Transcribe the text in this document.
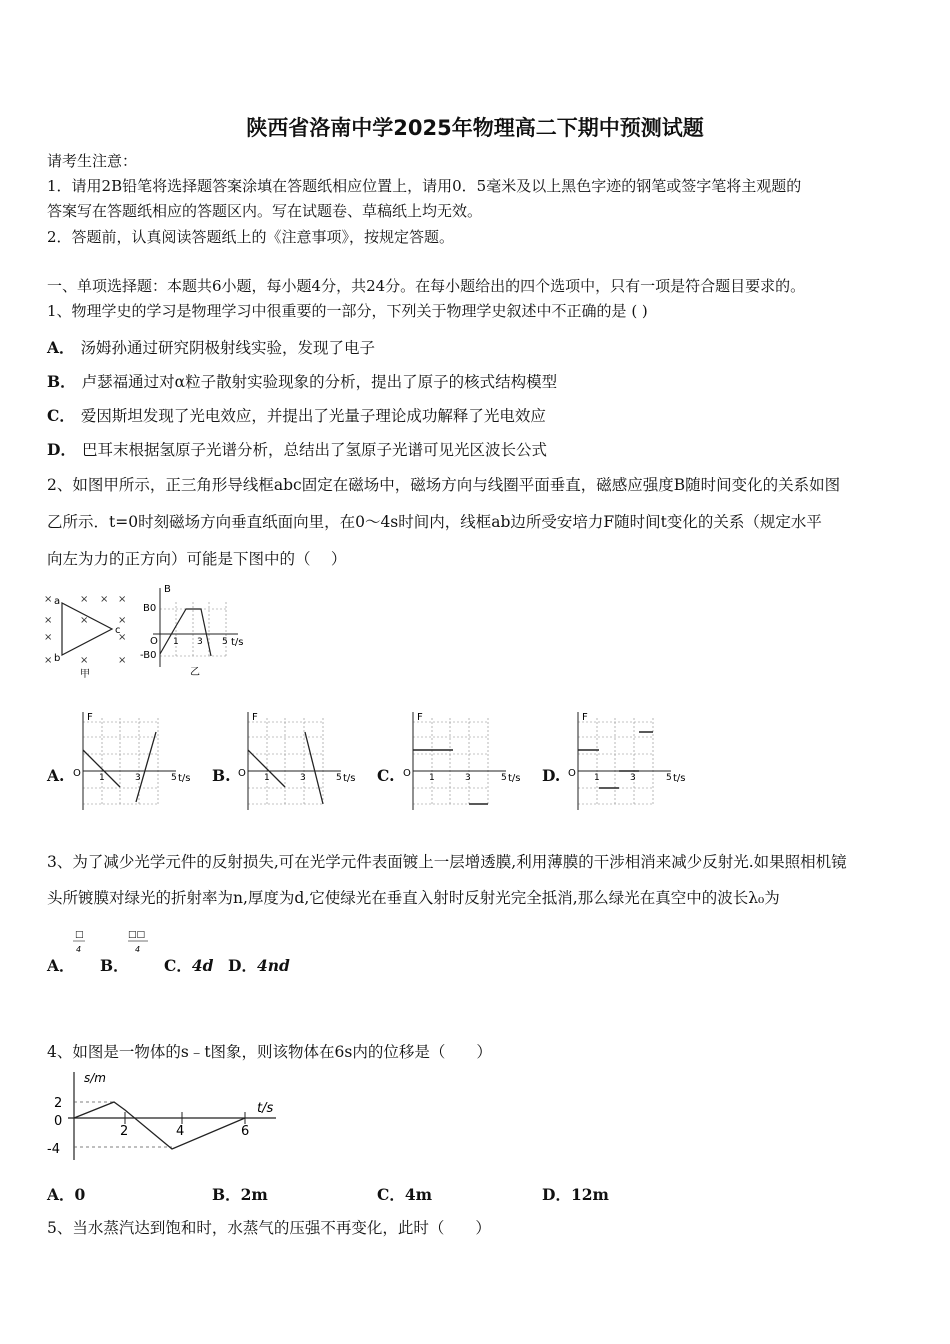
陕西省洛南中学2025年物理高二下期中预测试题
请考生注意：
1．请用2B铅笔将选择题答案涂填在答题纸相应位置上，请用0．5毫米及以上黑色字迹的钢笔或签字笔将主观题的
答案写在答题纸相应的答题区内。写在试题卷、草稿纸上均无效。
2．答题前，认真阅读答题纸上的《注意事项》，按规定答题。
一、单项选择题：本题共6小题，每小题4分，共24分。在每小题给出的四个选项中，只有一项是符合题目要求的。
1、物理学史的学习是物理学习中很重要的一部分，下列关于物理学史叙述中不正确的是 ( )
A． 汤姆孙通过研究阴极射线实验，发现了电子
B． 卢瑟福通过对α粒子散射实验现象的分析，提出了原子的核式结构模型
C． 爱因斯坦发现了光电效应，并提出了光量子理论成功解释了光电效应
D． 巴耳末根据氢原子光谱分析，总结出了氢原子光谱可见光区波长公式
2、如图甲所示，正三角形导线框abc固定在磁场中，磁场方向与线圈平面垂直，磁感应强度B随时间变化的关系如图
乙所示．t=0时刻磁场方向垂直纸面向里，在0～4s时间内，线框ab边所受安培力F随时间t变化的关系（规定水平
向左为力的正方向）可能是下图中的（　 ）
×	× × ×
×	×	×
×	×
×	×	×
a
b
c
甲
B
B0
-B0
O 1 3 5 t/s
乙
A.
F
O 1	3	5 t/s B.
F
O 1	3	5 t/s C.
F
O 1	3	5 t/s D.
F
O 1	3	5 t/s
3、为了减少光学元件的反射损失,可在光学元件表面镀上一层增透膜,利用薄膜的干涉相消来减少反射光.如果照相机镜
头所镀膜对绿光的折射率为n,厚度为d,它使绿光在垂直入射时反射光完全抵消,那么绿光在真空中的波长λ₀为
A．
□
4
B．
□□
4
C．4d D．4nd
4、如图是一物体的s﹣t图象，则该物体在6s内的位移是（　　）
s/m
2
0
-4
2	4	6
t/s
A．0	B．2m	C．4m	D．12m
5、当水蒸汽达到饱和时，水蒸气的压强不再变化，此时（　　）
